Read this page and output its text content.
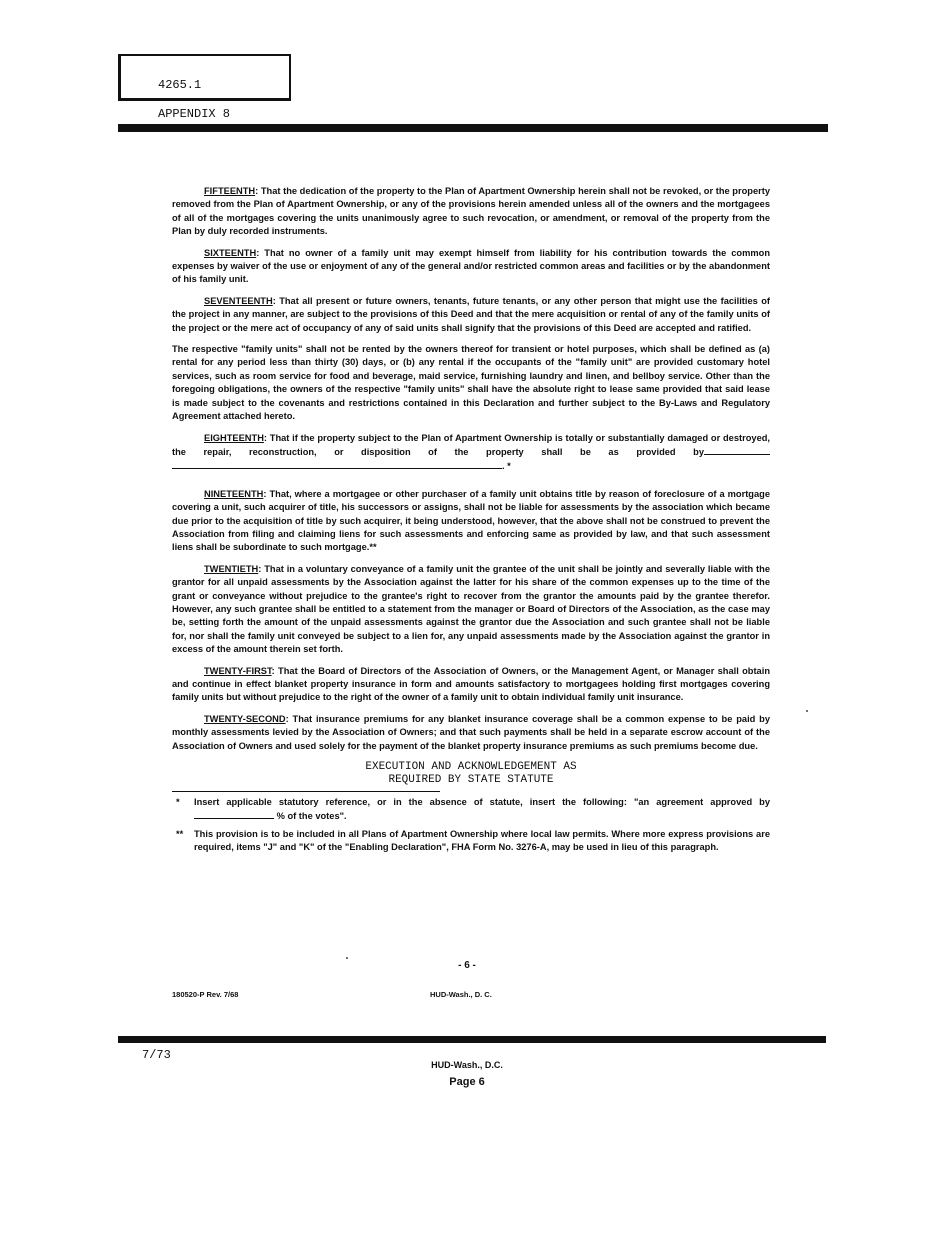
4265.1
APPENDIX 8

FIFTEENTH: That the dedication of the property to the Plan of Apartment Ownership herein shall not be revoked, or the property removed from the Plan of Apartment Ownership, or any of the provisions herein amended unless all of the owners and the mortgagees of all of the mortgages covering the units unanimously agree to such revocation, or amendment, or removal of the property from the Plan by duly recorded instruments.

SIXTEENTH: That no owner of a family unit may exempt himself from liability for his contribution towards the common expenses by waiver of the use or enjoyment of any of the general and/or restricted common areas and facilities or by the abandonment of his family unit.

SEVENTEENTH: That all present or future owners, tenants, future tenants, or any other person that might use the facilities of the project in any manner, are subject to the provisions of this Deed and that the mere acquisition or rental of any of the family units of the project or the mere act of occupancy of any of said units shall signify that the provisions of this Deed are accepted and ratified.

The respective "family units" shall not be rented by the owners thereof for transient or hotel purposes, which shall be defined as (a) rental for any period less than thirty (30) days, or (b) any rental if the occupants of the "family unit" are provided customary hotel services, such as room service for food and beverage, maid service, furnishing laundry and linen, and bellboy service. Other than the foregoing obligations, the owners of the respective "family units" shall have the absolute right to lease same provided that said lease is made subject to the covenants and restrictions contained in this Declaration and further subject to the By-Laws and Regulatory Agreement attached hereto.

EIGHTEENTH: That if the property subject to the Plan of Apartment Ownership is totally or substantially damaged or destroyed, the repair, reconstruction, or disposition of the property shall be as provided by. *

NINETEENTH: That, where a mortgagee or other purchaser of a family unit obtains title by reason of foreclosure of a mortgage covering a unit, such acquirer of title, his successors or assigns, shall not be liable for assessments by the association which became due prior to the acquisition of title by such acquirer, it being understood, however, that the above shall not be construed to prevent the Association from filing and claiming liens for such assessments and enforcing same as provided by law, and that such assessment liens shall be subordinate to such mortgage.**

TWENTIETH: That in a voluntary conveyance of a family unit the grantee of the unit shall be jointly and severally liable with the grantor for all unpaid assessments by the Association against the latter for his share of the common expenses up to the time of the grant or conveyance without prejudice to the grantee's right to recover from the grantor the amounts paid by the grantee therefor. However, any such grantee shall be entitled to a statement from the manager or Board of Directors of the Association, as the case may be, setting forth the amount of the unpaid assessments against the grantor due the Association and such grantee shall not be liable for, nor shall the family unit conveyed be subject to a lien for, any unpaid assessments made by the Association against the grantor in excess of the amount therein set forth.

TWENTY-FIRST: That the Board of Directors of the Association of Owners, or the Management Agent, or Manager shall obtain and continue in effect blanket property insurance in form and amounts satisfactory to mortgagees holding first mortgages covering family units but without prejudice to the right of the owner of a family unit to obtain individual family unit insurance.

TWENTY-SECOND: That insurance premiums for any blanket insurance coverage shall be a common expense to be paid by monthly assessments levied by the Association of Owners; and that such payments shall be held in a separate escrow account of the Association of Owners and used solely for the payment of the blanket property insurance premiums as such premiums become due.

EXECUTION AND ACKNOWLEDGEMENT AS
REQUIRED BY STATE STATUTE
* Insert applicable statutory reference, or in the absence of statute, insert the following: "an agreement approved by  % of the votes".
** This provision is to be included in all Plans of Apartment Ownership where local law permits. Where more express provisions are required, items "J" and "K" of the "Enabling Declaration", FHA Form No. 3276-A, may be used in lieu of this paragraph.
- 6 -
180520-P Rev. 7/68	HUD-Wash., D. C.
7/73
HUD-Wash., D.C.
Page 6
